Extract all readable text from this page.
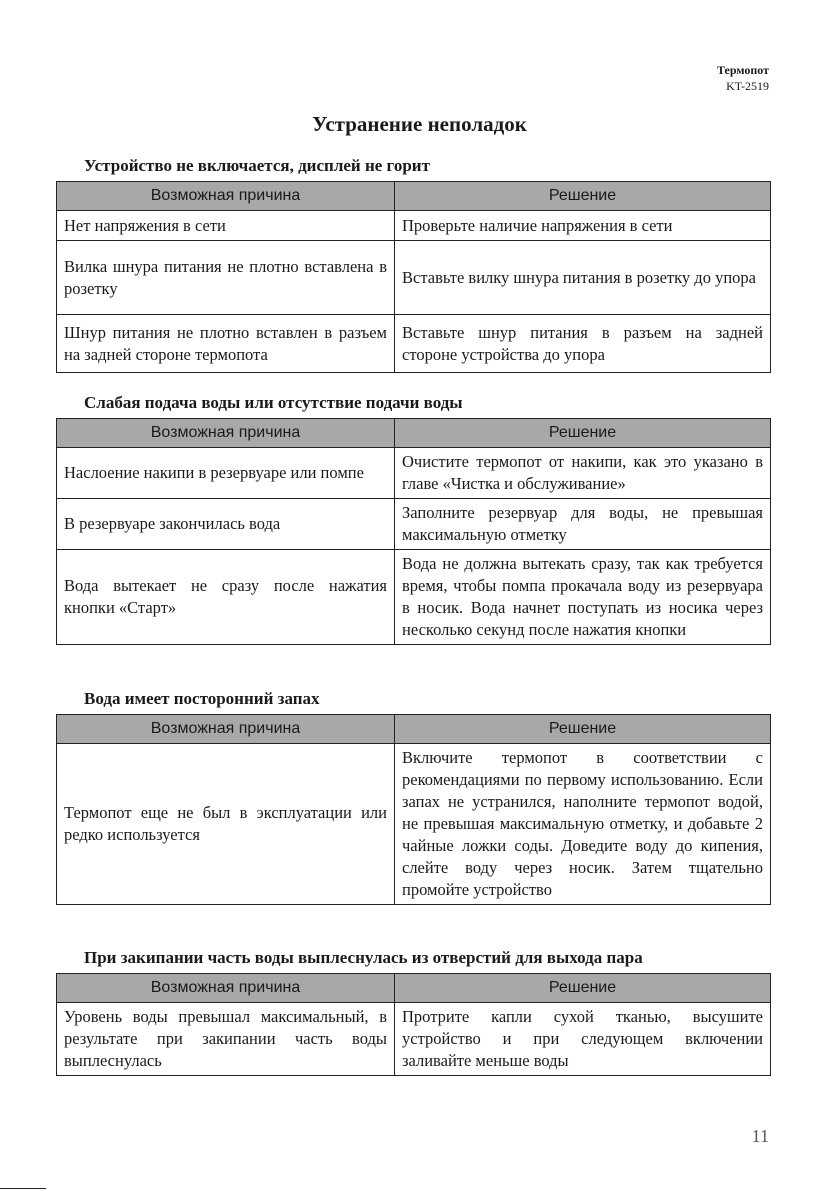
Термопот
KT-2519
Устранение неполадок
Устройство не включается, дисплей не горит
Возможная причина	Решение
Нет напряжения в сети	Проверьте наличие напряжения в сети
Вилка шнура питания не плотно вставлена в розетку	Вставьте вилку шнура питания в розетку до упора
Шнур питания не плотно вставлен в разъем на задней стороне термопота	Вставьте шнур питания в разъем на задней стороне устройства до упора
Слабая подача воды или отсутствие подачи воды
Возможная причина	Решение
Наслоение накипи в резервуаре или помпе	Очистите термопот от накипи, как это указано в главе «Чистка и обслуживание»
В резервуаре закончилась вода	Заполните резервуар для воды, не превышая максимальную отметку
Вода вытекает не сразу после нажатия кнопки «Старт»	Вода не должна вытекать сразу, так как требуется время, чтобы помпа прокачала воду из резервуара в носик. Вода начнет поступать из носика через несколько секунд после нажатия кнопки
Вода имеет посторонний запах
Возможная причина	Решение
Термопот еще не был в эксплуатации или редко используется	Включите термопот в соответствии с рекомендациями по первому использованию. Если запах не устранился, наполните термопот водой, не превышая максимальную отметку, и добавьте 2 чайные ложки соды. Доведите воду до кипения, слейте воду через носик. Затем тщательно промойте устройство
При закипании часть воды выплеснулась из отверстий для выхода пара
Возможная причина	Решение
Уровень воды превышал максимальный, в результате при закипании часть воды выплеснулась	Протрите капли сухой тканью, высушите устройство и при следующем включении заливайте меньше воды
11
